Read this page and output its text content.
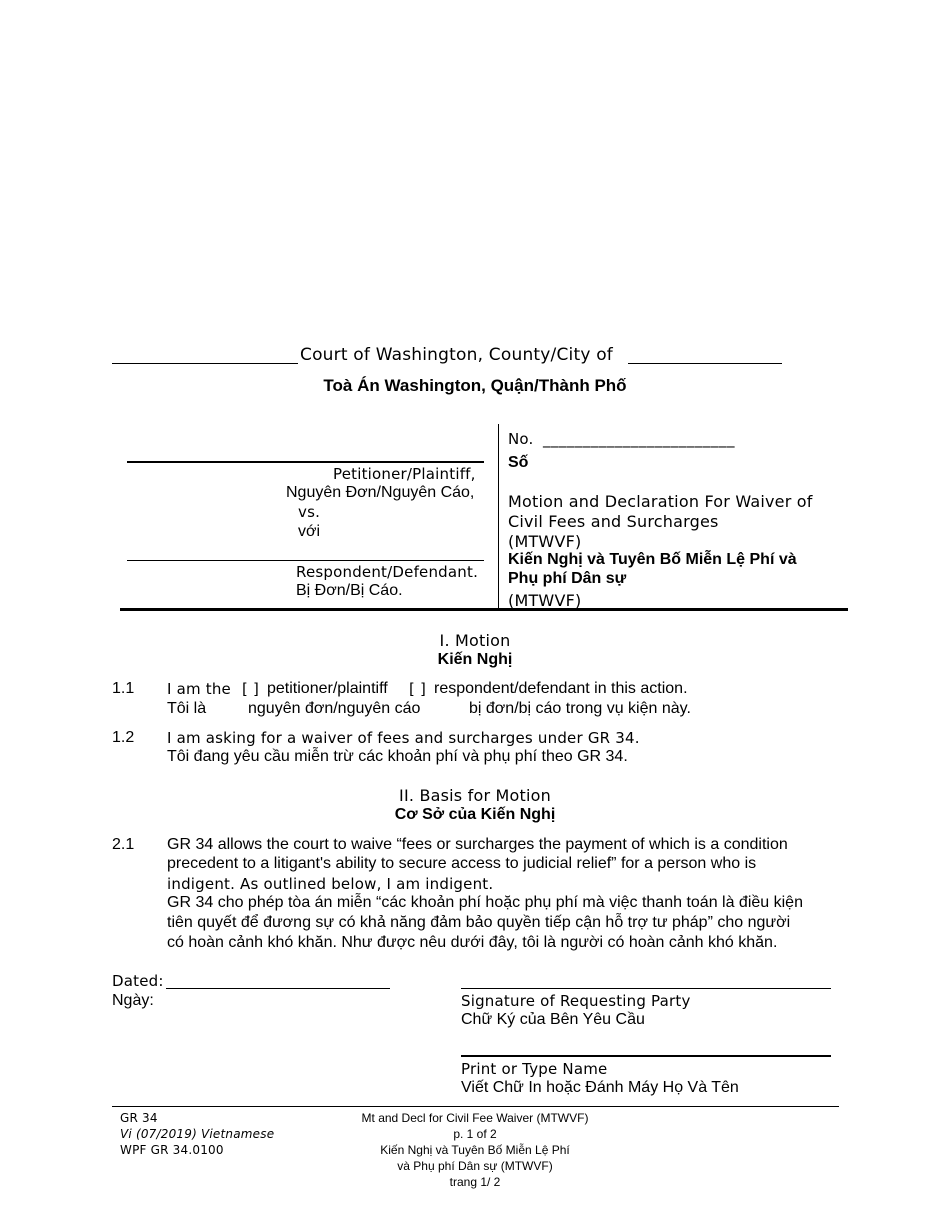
Court of Washington, County/City of
Toà Án Washington, Quận/Thành Phố
Petitioner/Plaintiff,
Nguyên Đơn/Nguyên Cáo,
vs.
với
Respondent/Defendant.
Bị Đơn/Bị Cáo.
No. ________________________
Số
Motion and Declaration For Waiver of
Civil Fees and Surcharges
(MTWVF)
Kiến Nghị và Tuyên Bố Miễn Lệ Phí và
Phụ phí Dân sự
(MTWVF)
I. Motion
Kiến Nghị
1.1 I am the [ ] petitioner/plaintiff [ ] respondent/defendant in this action.
Tôi là	nguyên đơn/nguyên cáo	bị đơn/bị cáo trong vụ kiện này.
1.2 I am asking for a waiver of fees and surcharges under GR 34.
Tôi đang yêu cầu miễn trừ các khoản phí và phụ phí theo GR 34.
II. Basis for Motion
Cơ Sở của Kiến Nghị
2.1 GR 34 allows the court to waive “fees or surcharges the payment of which is a condition
precedent to a litigant's ability to secure access to judicial relief” for a person who is
indigent. As outlined below, I am indigent.
GR 34 cho phép tòa án miễn “các khoản phí hoặc phụ phí mà việc thanh toán là điều kiện
tiên quyết để đương sự có khả năng đảm bảo quyền tiếp cận hỗ trợ tư pháp” cho người
có hoàn cảnh khó khăn. Như được nêu dưới đây, tôi là người có hoàn cảnh khó khăn.
Dated:
Ngày:	Signature of Requesting Party
Chữ Ký của Bên Yêu Cầu
Print or Type Name
Viết Chữ In hoặc Đánh Máy Họ Và Tên
GR 34
Vi (07/2019) Vietnamese
WPF GR 34.0100
Mt and Decl for Civil Fee Waiver (MTWVF)
p. 1 of 2
Kiến Nghị và Tuyên Bố Miễn Lệ Phí
và Phụ phí Dân sự (MTWVF)
trang 1/ 2
